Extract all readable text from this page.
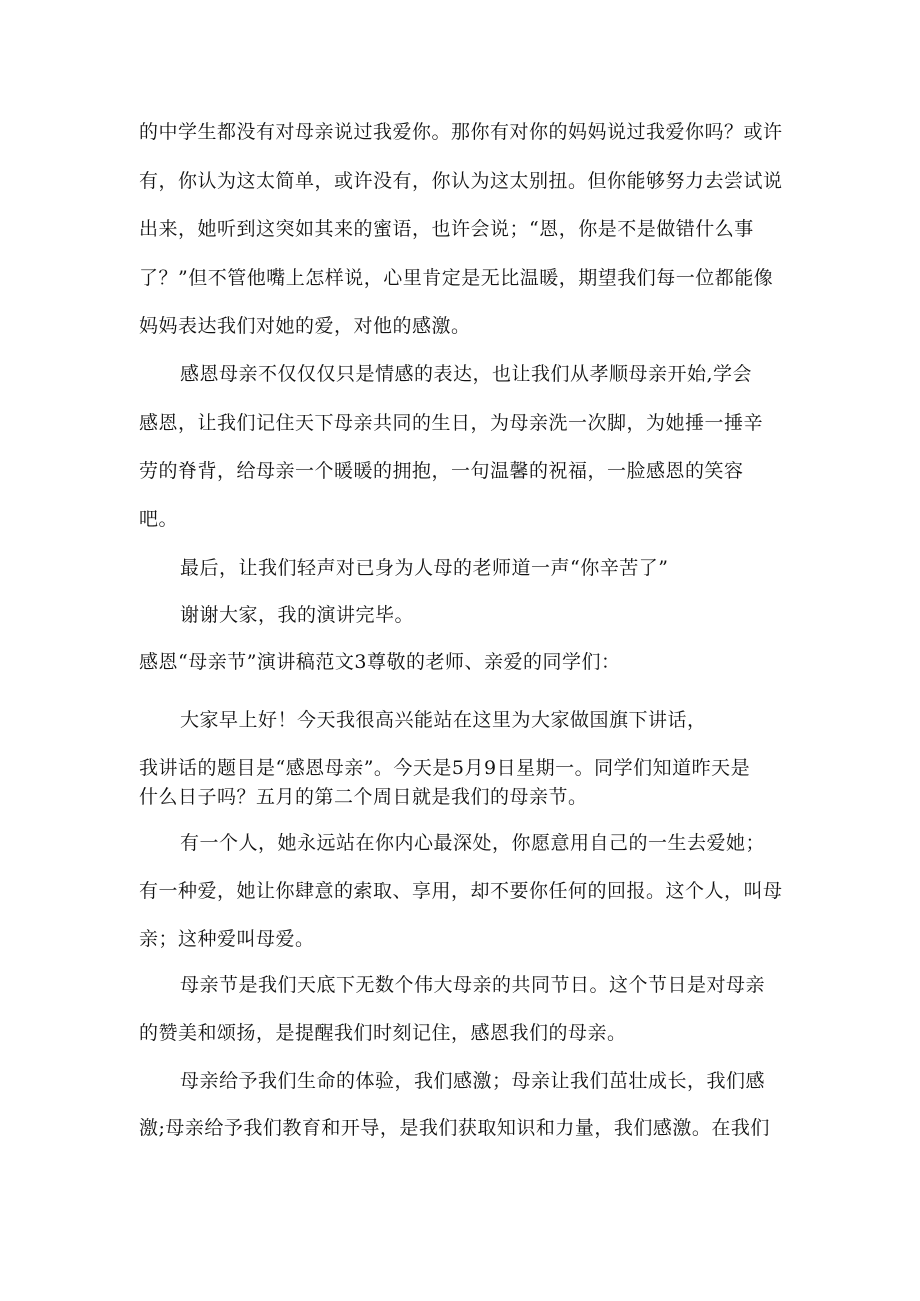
的中学生都没有对母亲说过我爱你。那你有对你的妈妈说过我爱你吗？或许
有，你认为这太简单，或许没有，你认为这太别扭。但你能够努力去尝试说
出来，她听到这突如其来的蜜语，也许会说；“恩，你是不是做错什么事
了？”但不管他嘴上怎样说，心里肯定是无比温暖，期望我们每一位都能像
妈妈表达我们对她的爱，对他的感激。
感恩母亲不仅仅仅只是情感的表达，也让我们从孝顺母亲开始,学会
感恩，让我们记住天下母亲共同的生日，为母亲洗一次脚，为她捶一捶辛
劳的脊背，给母亲一个暖暖的拥抱，一句温馨的祝福，一脸感恩的笑容
吧。
最后，让我们轻声对已身为人母的老师道一声“你辛苦了”
谢谢大家，我的演讲完毕。
感恩“母亲节”演讲稿范文3尊敬的老师、亲爱的同学们：
大家早上好！今天我很高兴能站在这里为大家做国旗下讲话，
我讲话的题目是“感恩母亲”。今天是5月9日星期一。同学们知道昨天是
什么日子吗？五月的第二个周日就是我们的母亲节。
有一个人，她永远站在你内心最深处，你愿意用自己的一生去爱她；
有一种爱，她让你肆意的索取、享用，却不要你任何的回报。这个人，叫母
亲；这种爱叫母爱。
母亲节是我们天底下无数个伟大母亲的共同节日。这个节日是对母亲
的赞美和颂扬，是提醒我们时刻记住，感恩我们的母亲。
母亲给予我们生命的体验，我们感激；母亲让我们茁壮成长，我们感
激;母亲给予我们教育和开导，是我们获取知识和力量，我们感激。在我们
